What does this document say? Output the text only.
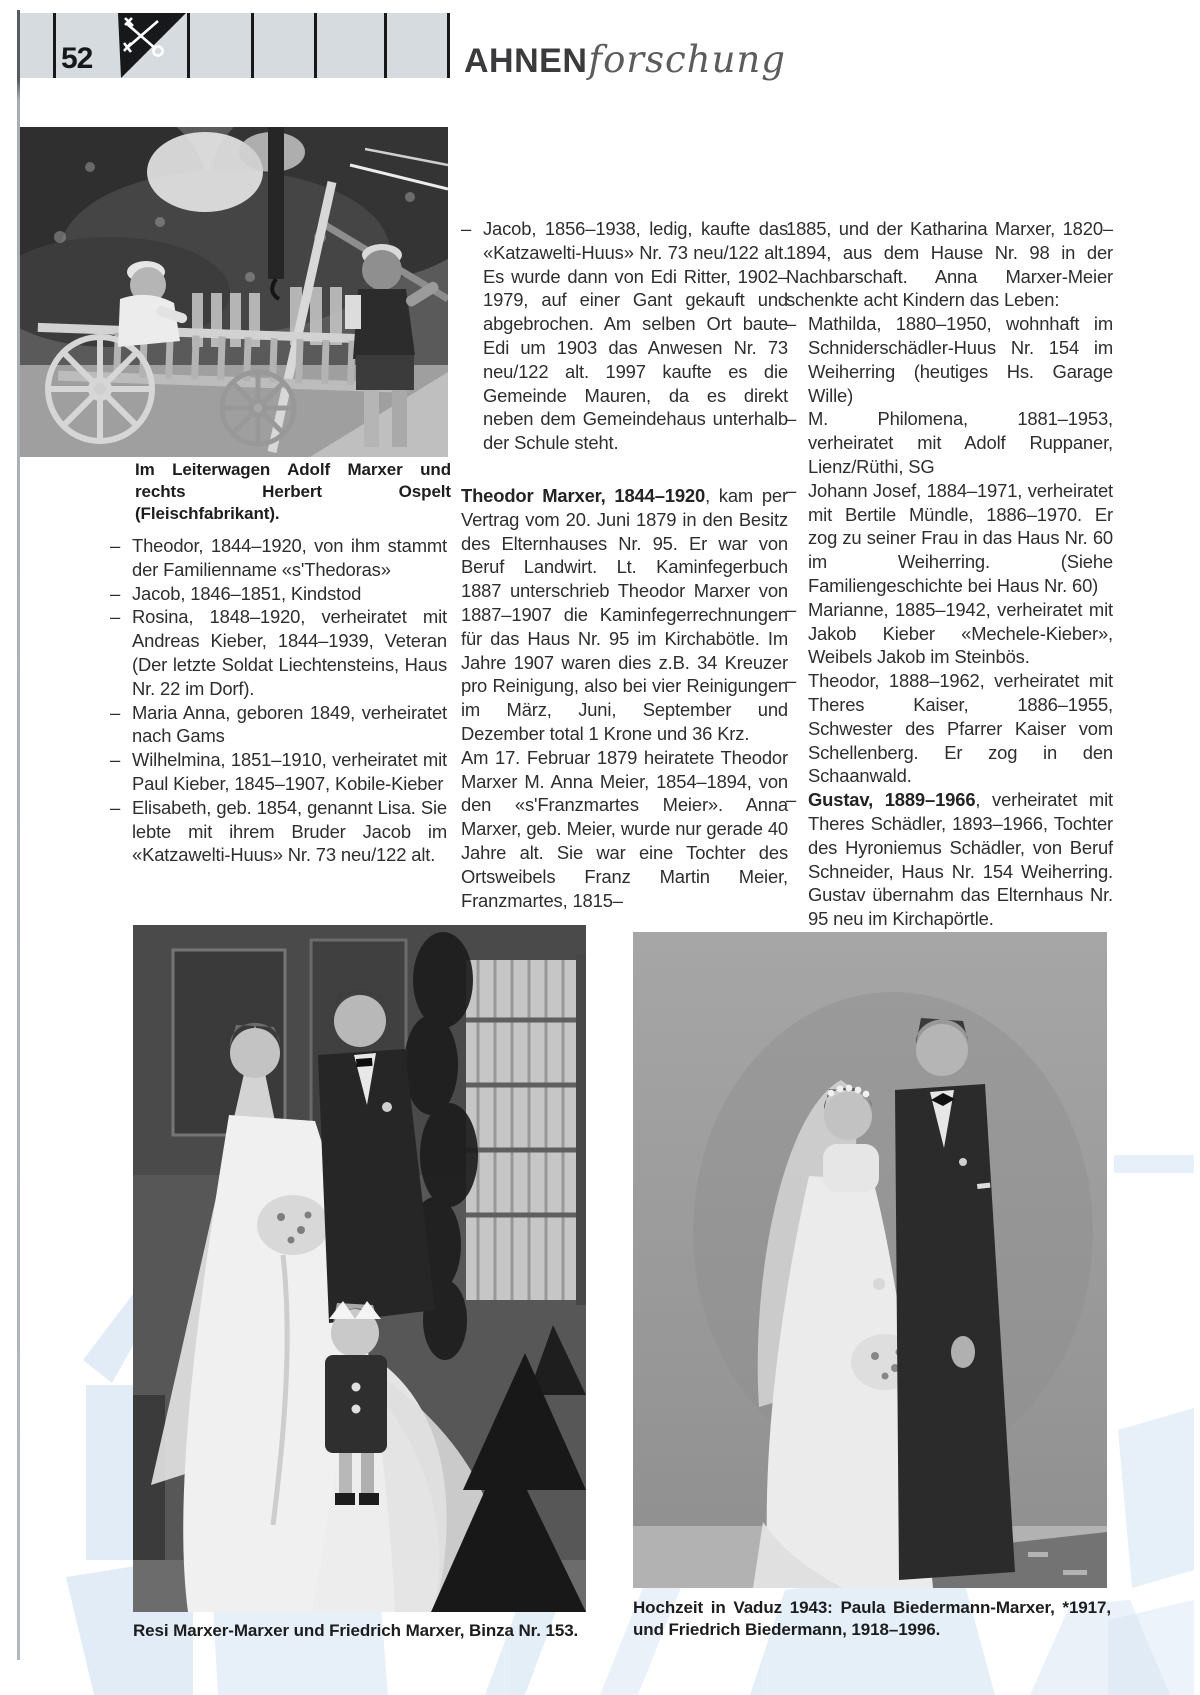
52	AHNENforschung
Im Leiterwagen Adolf Marxer und rechts Herbert Ospelt (Fleischfabrikant).
– Theodor, 1844–1920, von ihm stammt der Familienname «s'Thedoras»
– Jacob, 1846–1851, Kindstod
– Rosina, 1848–1920, verheiratet mit Andreas Kieber, 1844–1939, Veteran (Der letzte Soldat Liechtensteins, Haus Nr. 22 im Dorf).
– Maria Anna, geboren 1849, verheiratet nach Gams
– Wilhelmina, 1851–1910, verheiratet mit Paul Kieber, 1845–1907, Kobile-Kieber
– Elisabeth, geb. 1854, genannt Lisa. Sie lebte mit ihrem Bruder Jacob im «Katzawelti-Huus» Nr. 73 neu/122 alt.
– Jacob, 1856–1938, ledig, kaufte das «Katzawelti-Huus» Nr. 73 neu/122 alt. Es wurde dann von Edi Ritter, 1902–1979, auf einer Gant gekauft und abgebrochen. Am selben Ort baute Edi um 1903 das Anwesen Nr. 73 neu/122 alt. 1997 kaufte es die Gemeinde Mauren, da es direkt neben dem Gemeindehaus unterhalb der Schule steht.

Theodor Marxer, 1844–1920, kam per Vertrag vom 20. Juni 1879 in den Besitz des Elternhauses Nr. 95. Er war von Beruf Landwirt. Lt. Kaminfegerbuch 1887 unterschrieb Theodor Marxer von 1887–1907 die Kaminfegerrechnungen für das Haus Nr. 95 im Kirchabötle. Im Jahre 1907 waren dies z.B. 34 Kreuzer pro Reinigung, also bei vier Reinigungen im März, Juni, September und Dezember total 1 Krone und 36 Krz.

Am 17. Februar 1879 heiratete Theodor Marxer M. Anna Meier, 1854–1894, von den «s'Franzmartes Meier». Anna Marxer, geb. Meier, wurde nur gerade 40 Jahre alt. Sie war eine Tochter des Ortsweibels Franz Martin Meier, Franzmartes, 1815–

1885, und der Katharina Marxer, 1820–1894, aus dem Hause Nr. 98 in der Nachbarschaft. Anna Marxer-Meier schenkte acht Kindern das Leben:

– Mathilda, 1880–1950, wohnhaft im Schniderschädler-Huus Nr. 154 im Weiherring (heutiges Hs. Garage Wille)
– M. Philomena, 1881–1953, verheiratet mit Adolf Ruppaner, Lienz/Rüthi, SG
– Johann Josef, 1884–1971, verheiratet mit Bertile Mündle, 1886–1970. Er zog zu seiner Frau in das Haus Nr. 60 im Weiherring. (Siehe Familiengeschichte bei Haus Nr. 60)
– Marianne, 1885–1942, verheiratet mit Jakob Kieber «Mechele-Kieber», Weibels Jakob im Steinbös.
– Theodor, 1888–1962, verheiratet mit Theres Kaiser, 1886–1955, Schwester des Pfarrer Kaiser vom Schellenberg. Er zog in den Schaanwald.
– Gustav, 1889–1966, verheiratet mit Theres Schädler, 1893–1966, Tochter des Hyroniemus Schädler, von Beruf Schneider, Haus Nr. 154 Weiherring. Gustav übernahm das Elternhaus Nr. 95 neu im Kirchapörtle.
Resi Marxer-Marxer und Friedrich Marxer, Binza Nr. 153.
Hochzeit in Vaduz 1943: Paula Biedermann-Marxer, *1917, und Friedrich Biedermann, 1918–1996.
